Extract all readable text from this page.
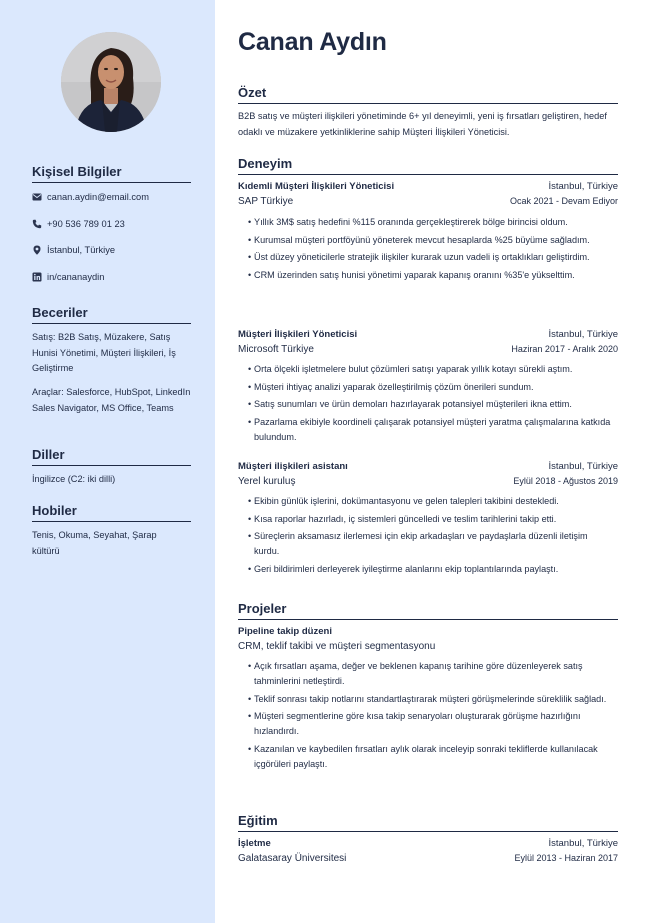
Kişisel Bilgiler
canan.aydin@email.com
+90 536 789 01 23
İstanbul, Türkiye
in/cananaydin
Beceriler
Satış: B2B Satış, Müzakere, Satış Hunisi Yönetimi, Müşteri İlişkileri, İş Geliştirme
Araçlar: Salesforce, HubSpot, LinkedIn Sales Navigator, MS Office, Teams
Diller
İngilizce (C2: iki dilli)
Hobiler
Tenis, Okuma, Seyahat, Şarap kültürü
Canan Aydın
Özet
B2B satış ve müşteri ilişkileri yönetiminde 6+ yıl deneyimli, yeni iş fırsatları geliştiren, hedef odaklı ve müzakere yetkinliklerine sahip Müşteri İlişkileri Yöneticisi.
Deneyim
Kıdemli Müşteri İlişkileri Yöneticisi	İstanbul, Türkiye
SAP Türkiye	Ocak 2021 - Devam Ediyor
• Yıllık 3M$ satış hedefini %115 oranında gerçekleştirerek bölge birincisi oldum.
• Kurumsal müşteri portföyünü yöneterek mevcut hesaplarda %25 büyüme sağladım.
• Üst düzey yöneticilerle stratejik ilişkiler kurarak uzun vadeli iş ortaklıkları geliştirdim.
• CRM üzerinden satış hunisi yönetimi yaparak kapanış oranını %35'e yükselttim.
Müşteri İlişkileri Yöneticisi	İstanbul, Türkiye
Microsoft Türkiye	Haziran 2017 - Aralık 2020
• Orta ölçekli işletmelere bulut çözümleri satışı yaparak yıllık kotayı sürekli aştım.
• Müşteri ihtiyaç analizi yaparak özelleştirilmiş çözüm önerileri sundum.
• Satış sunumları ve ürün demoları hazırlayarak potansiyel müşterileri ikna ettim.
• Pazarlama ekibiyle koordineli çalışarak potansiyel müşteri yaratma çalışmalarına katkıda bulundum.
Müşteri ilişkileri asistanı	İstanbul, Türkiye
Yerel kuruluş	Eylül 2018 - Ağustos 2019
• Ekibin günlük işlerini, dokümantasyonu ve gelen talepleri takibini destekledi.
• Kısa raporlar hazırladı, iç sistemleri güncelledi ve teslim tarihlerini takip etti.
• Süreçlerin aksamasız ilerlemesi için ekip arkadaşları ve paydaşlarla düzenli iletişim kurdu.
• Geri bildirimleri derleyerek iyileştirme alanlarını ekip toplantılarında paylaştı.
Projeler
Pipeline takip düzeni
CRM, teklif takibi ve müşteri segmentasyonu
• Açık fırsatları aşama, değer ve beklenen kapanış tarihine göre düzenleyerek satış tahminlerini netleştirdi.
• Teklif sonrası takip notlarını standartlaştırarak müşteri görüşmelerinde süreklilik sağladı.
• Müşteri segmentlerine göre kısa takip senaryoları oluşturarak görüşme hazırlığını hızlandırdı.
• Kazanılan ve kaybedilen fırsatları aylık olarak inceleyip sonraki tekliflerde kullanılacak içgörüleri paylaştı.
Eğitim
İşletme	İstanbul, Türkiye
Galatasaray Üniversitesi	Eylül 2013 - Haziran 2017
